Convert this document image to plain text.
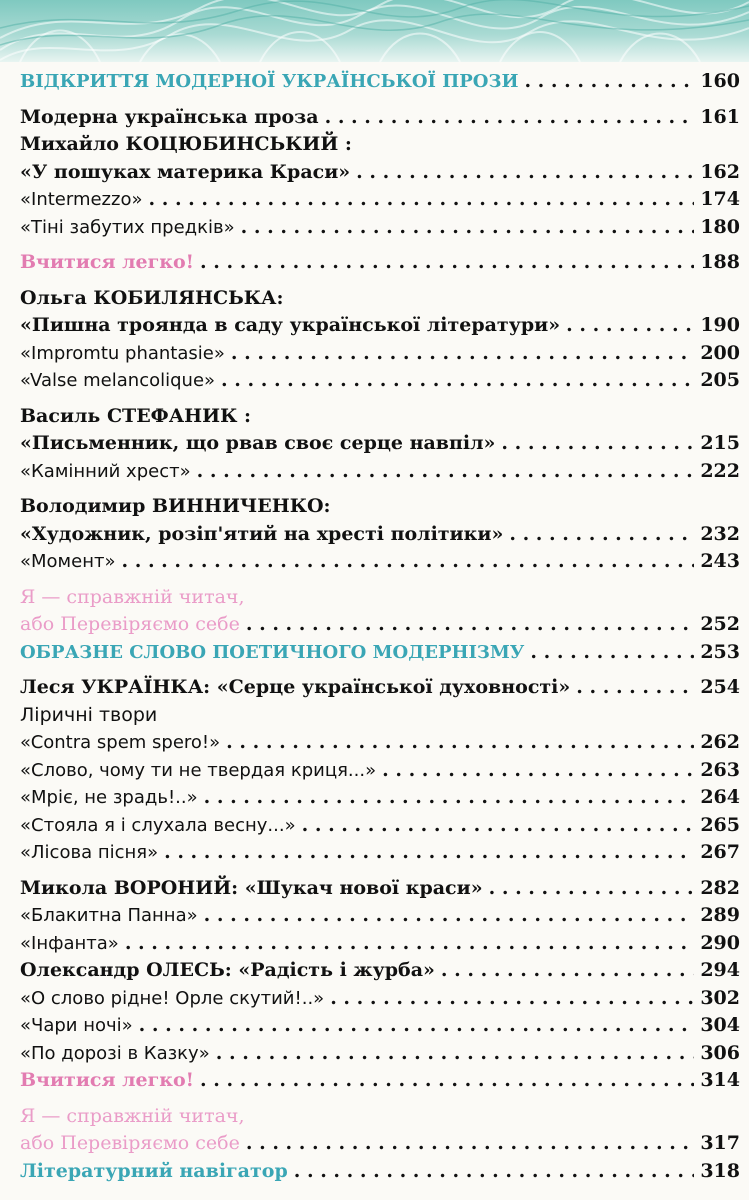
ВІДКРИТТЯ МОДЕРНОЇ УКРАЇНСЬКОЇ ПРОЗИ . . .	160
Модерна українська проза . . .	161
Михайло КОЦЮБИНСЬКИЙ :
«У пошуках материка Краси» . . .	162
«Intermezzo» . . .	174
«Тіні забутих предків» . . .	180
Вчитися легко! . . .	188
Ольга КОБИЛЯНСЬКА:
«Пишна троянда в саду української літератури» . . .	190
«Impromtu phantasie» . . .	200
«Valse melancolique» . . .	205
Василь СТЕФАНИК :
«Письменник, що рвав своє серце навпіл» . . .	215
«Камінний хрест» . . .	222
Володимир ВИННИЧЕНКО:
«Художник, розіп'ятий на хресті політики» . . .	232
«Момент» . . .	243
Я — справжній читач,
або Перевіряємо себе . . .	252
ОБРАЗНЕ СЛОВО ПОЕТИЧНОГО МОДЕРНІЗМУ . . .	253
Леся УКРАЇНКА: «Серце української духовності» . . .	254
Ліричні твори
«Contra spem spero!» . . .	262
«Слово, чому ти не твердая криця...» . . .	263
«Мріє, не зрадь!..» . . .	264
«Стояла я і слухала весну...» . . .	265
«Лісова пісня» . . .	267
Микола ВОРОНИЙ: «Шукач нової краси» . . .	282
«Блакитна Панна» . . .	289
«Інфанта» . . .	290
Олександр ОЛЕСЬ: «Радість і журба» . . .	294
«О слово рідне! Орле скутий!..» . . .	302
«Чари ночі» . . .	304
«По дорозі в Казку» . . .	306
Вчитися легко! . . .	314
Я — справжній читач,
або Перевіряємо себе . . .	317
Літературний навігатор . . .	318
